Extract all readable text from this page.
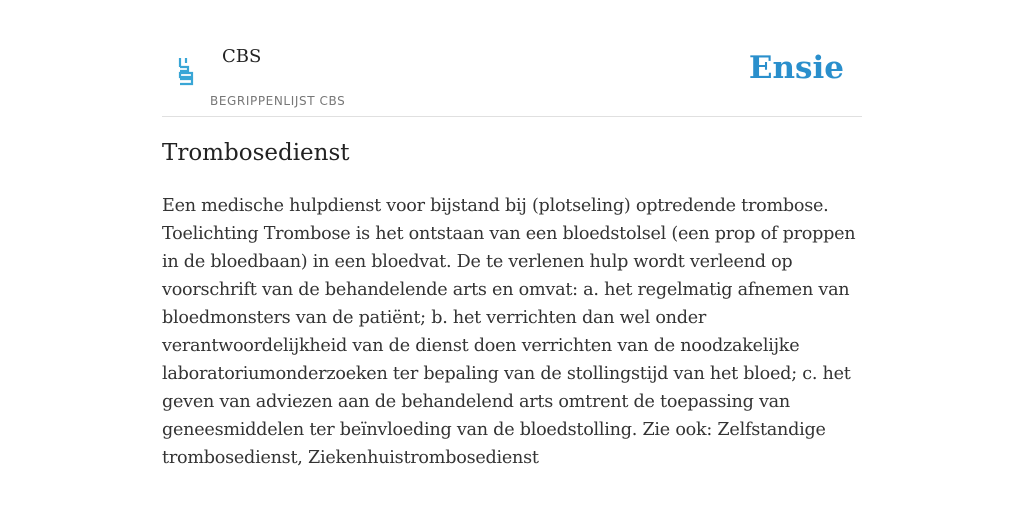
CBS
BEGRIPPENLIJST CBS
Ensie
Trombosedienst

Een medische hulpdienst voor bijstand bij (plotseling) optredende trombose. Toelichting Trombose is het ontstaan van een bloedstolsel (een prop of proppen in de bloedbaan) in een bloedvat. De te verlenen hulp wordt verleend op voorschrift van de behandelende arts en omvat: a. het regelmatig afnemen van bloedmonsters van de patiënt; b. het verrichten dan wel onder verantwoordelijkheid van de dienst doen verrichten van de noodzakelijke laboratoriumonderzoeken ter bepaling van de stollingstijd van het bloed; c. het geven van adviezen aan de behandelend arts omtrent de toepassing van geneesmiddelen ter beïnvloeding van de bloedstolling. Zie ook: Zelfstandige trombosedienst, Ziekenhuistrombosedienst
